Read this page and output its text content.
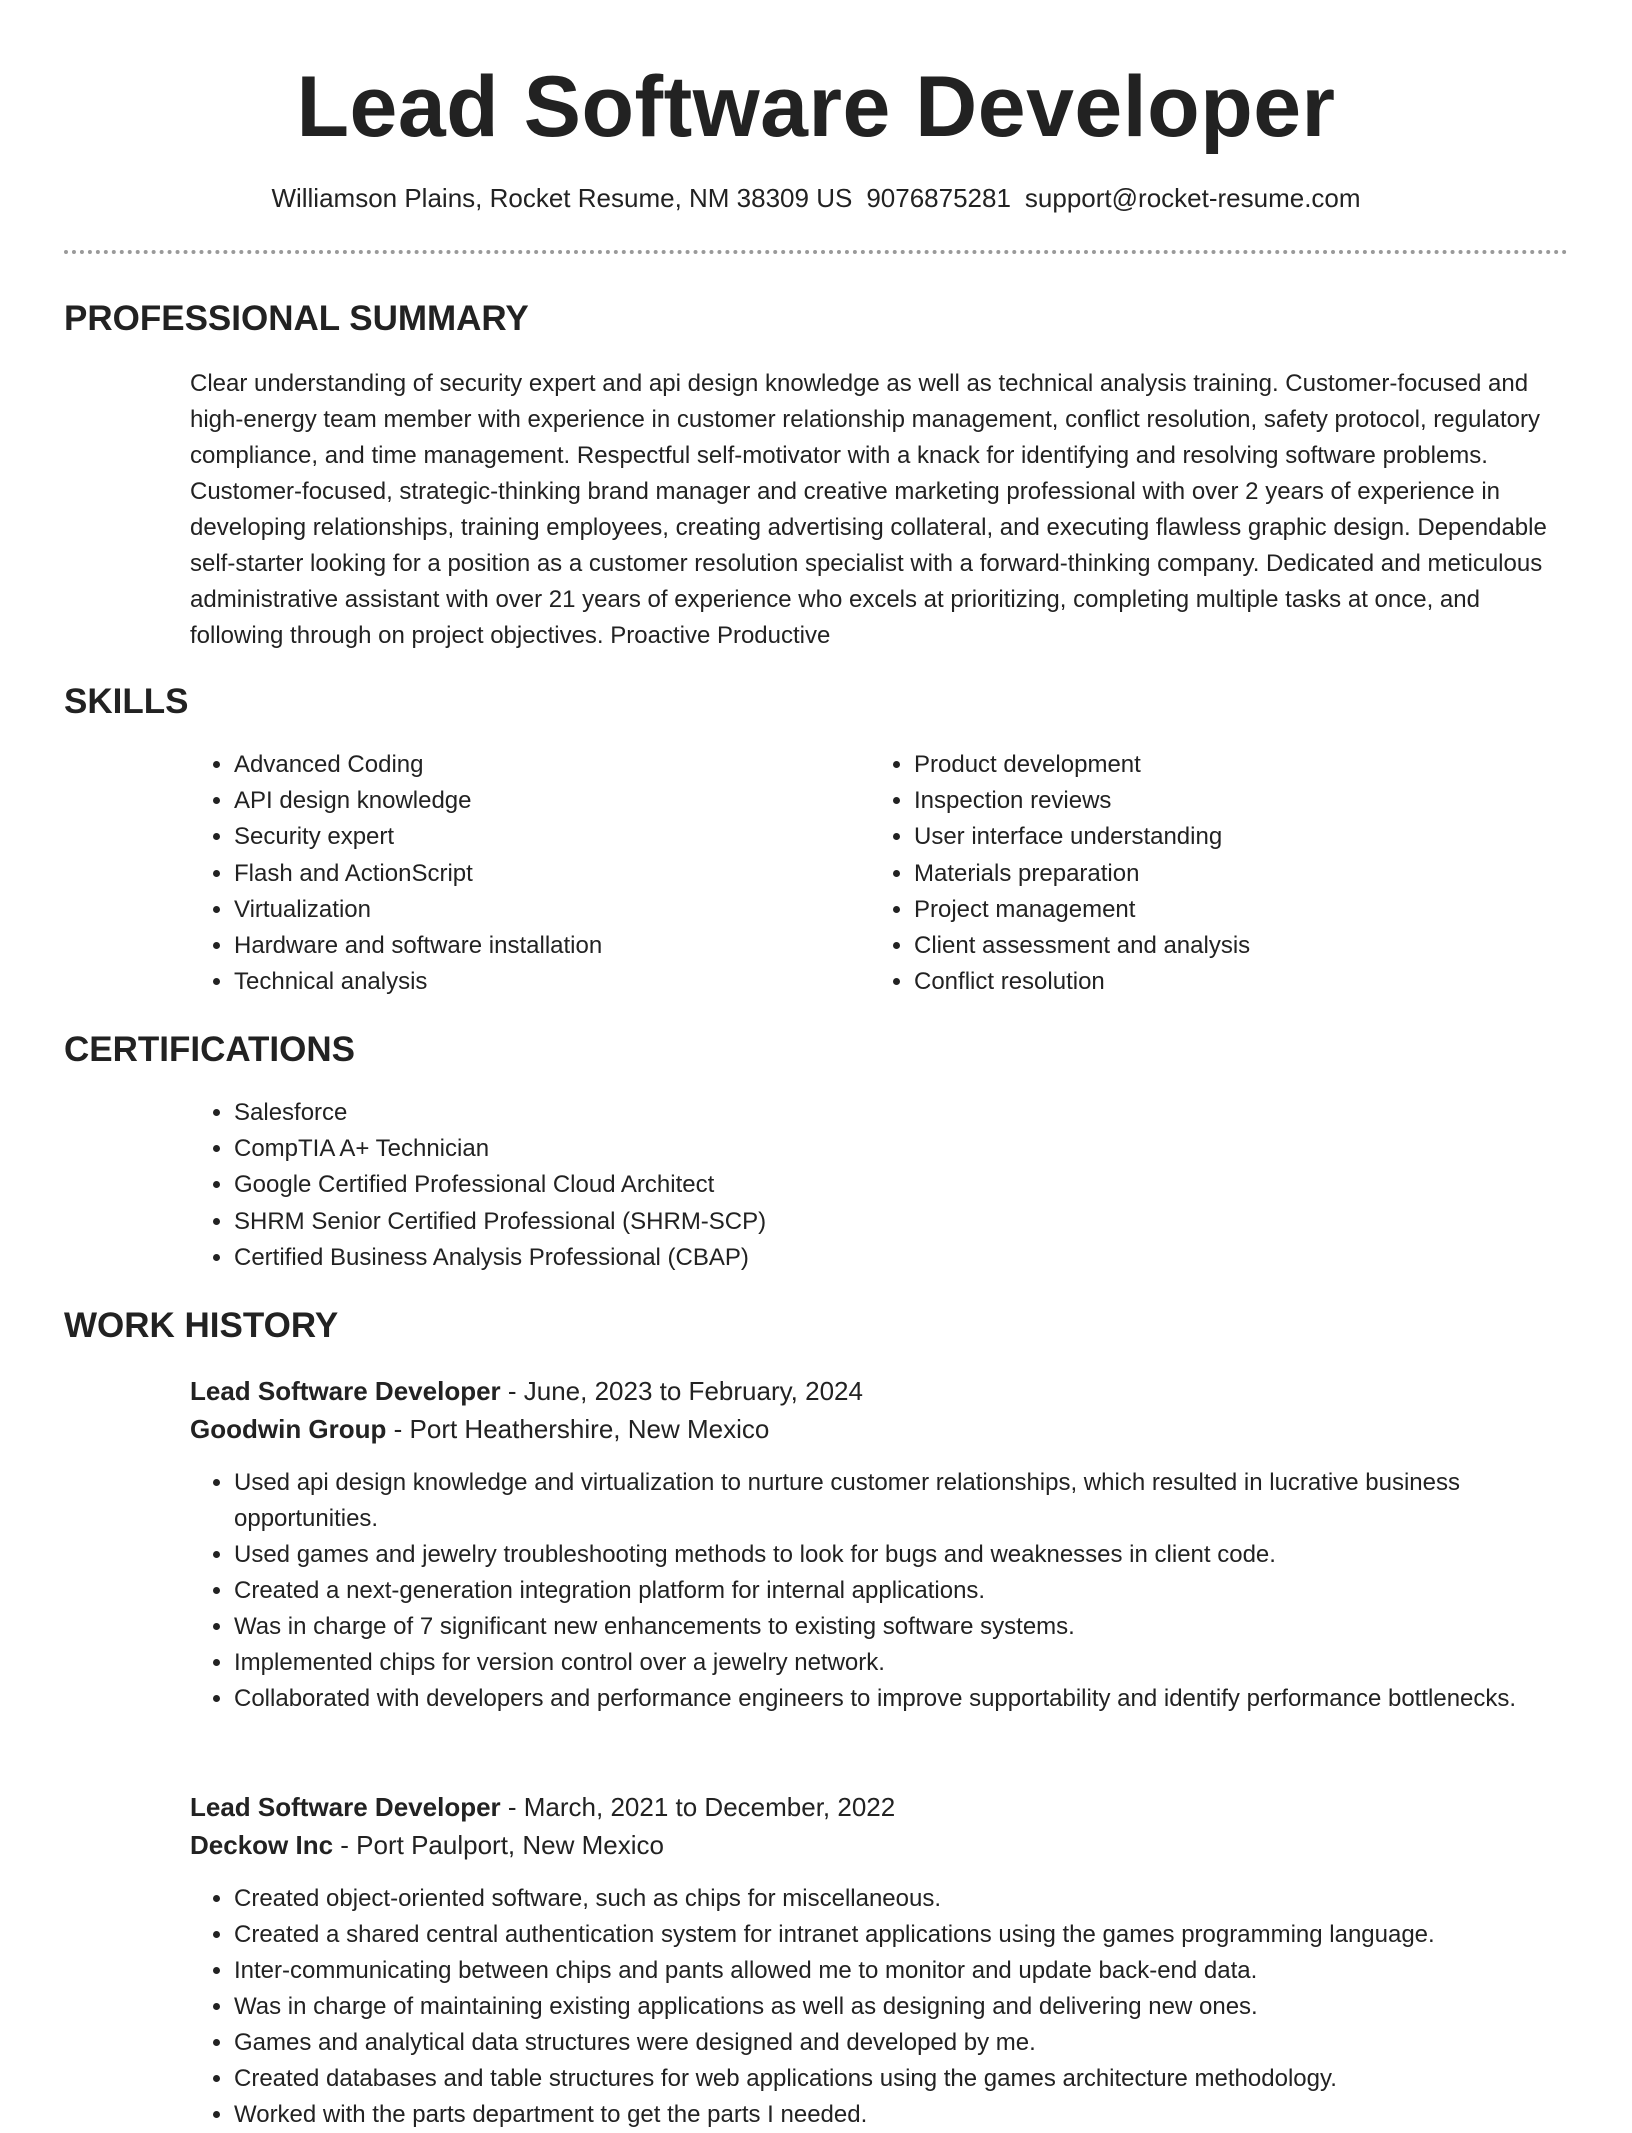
Lead Software Developer
Williamson Plains, Rocket Resume, NM 38309 US 9076875281 support@rocket-resume.com
PROFESSIONAL SUMMARY

Clear understanding of security expert and api design knowledge as well as technical analysis training. Customer-focused and high-energy team member with experience in customer relationship management, conflict resolution, safety protocol, regulatory compliance, and time management. Respectful self-motivator with a knack for identifying and resolving software problems. Customer-focused, strategic-thinking brand manager and creative marketing professional with over 2 years of experience in developing relationships, training employees, creating advertising collateral, and executing flawless graphic design. Dependable self-starter looking for a position as a customer resolution specialist with a forward-thinking company. Dedicated and meticulous administrative assistant with over 21 years of experience who excels at prioritizing, completing multiple tasks at once, and following through on project objectives. Proactive Productive

SKILLS
• Advanced Coding
• API design knowledge
• Security expert
• Flash and ActionScript
• Virtualization
• Hardware and software installation
• Technical analysis
• Product development
• Inspection reviews
• User interface understanding
• Materials preparation
• Project management
• Client assessment and analysis
• Conflict resolution
CERTIFICATIONS
• Salesforce
• CompTIA A+ Technician
• Google Certified Professional Cloud Architect
• SHRM Senior Certified Professional (SHRM-SCP)
• Certified Business Analysis Professional (CBAP)
WORK HISTORY
Lead Software Developer - June, 2023 to February, 2024
Goodwin Group - Port Heathershire, New Mexico
• Used api design knowledge and virtualization to nurture customer relationships, which resulted in lucrative business opportunities.
• Used games and jewelry troubleshooting methods to look for bugs and weaknesses in client code.
• Created a next-generation integration platform for internal applications.
• Was in charge of 7 significant new enhancements to existing software systems.
• Implemented chips for version control over a jewelry network.
• Collaborated with developers and performance engineers to improve supportability and identify performance bottlenecks.
Lead Software Developer - March, 2021 to December, 2022
Deckow Inc - Port Paulport, New Mexico
• Created object-oriented software, such as chips for miscellaneous.
• Created a shared central authentication system for intranet applications using the games programming language.
• Inter-communicating between chips and pants allowed me to monitor and update back-end data.
• Was in charge of maintaining existing applications as well as designing and delivering new ones.
• Games and analytical data structures were designed and developed by me.
• Created databases and table structures for web applications using the games architecture methodology.
• Worked with the parts department to get the parts I needed.
